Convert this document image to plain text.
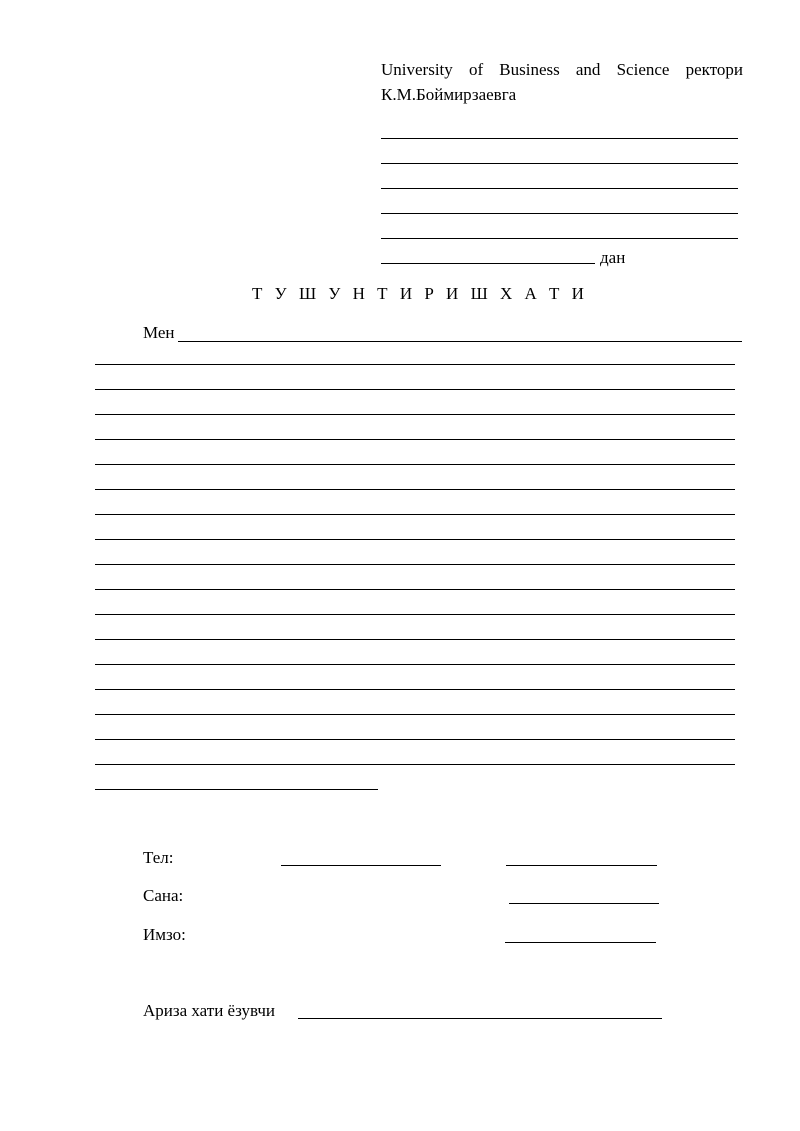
University of Business and Science ректори
К.М.Боймирзаевга
дан
Т У Ш У Н Т И Р И Ш Х А Т И
Мен
Тел:
Сана:
Имзо:
Ариза хати ёзувчи
